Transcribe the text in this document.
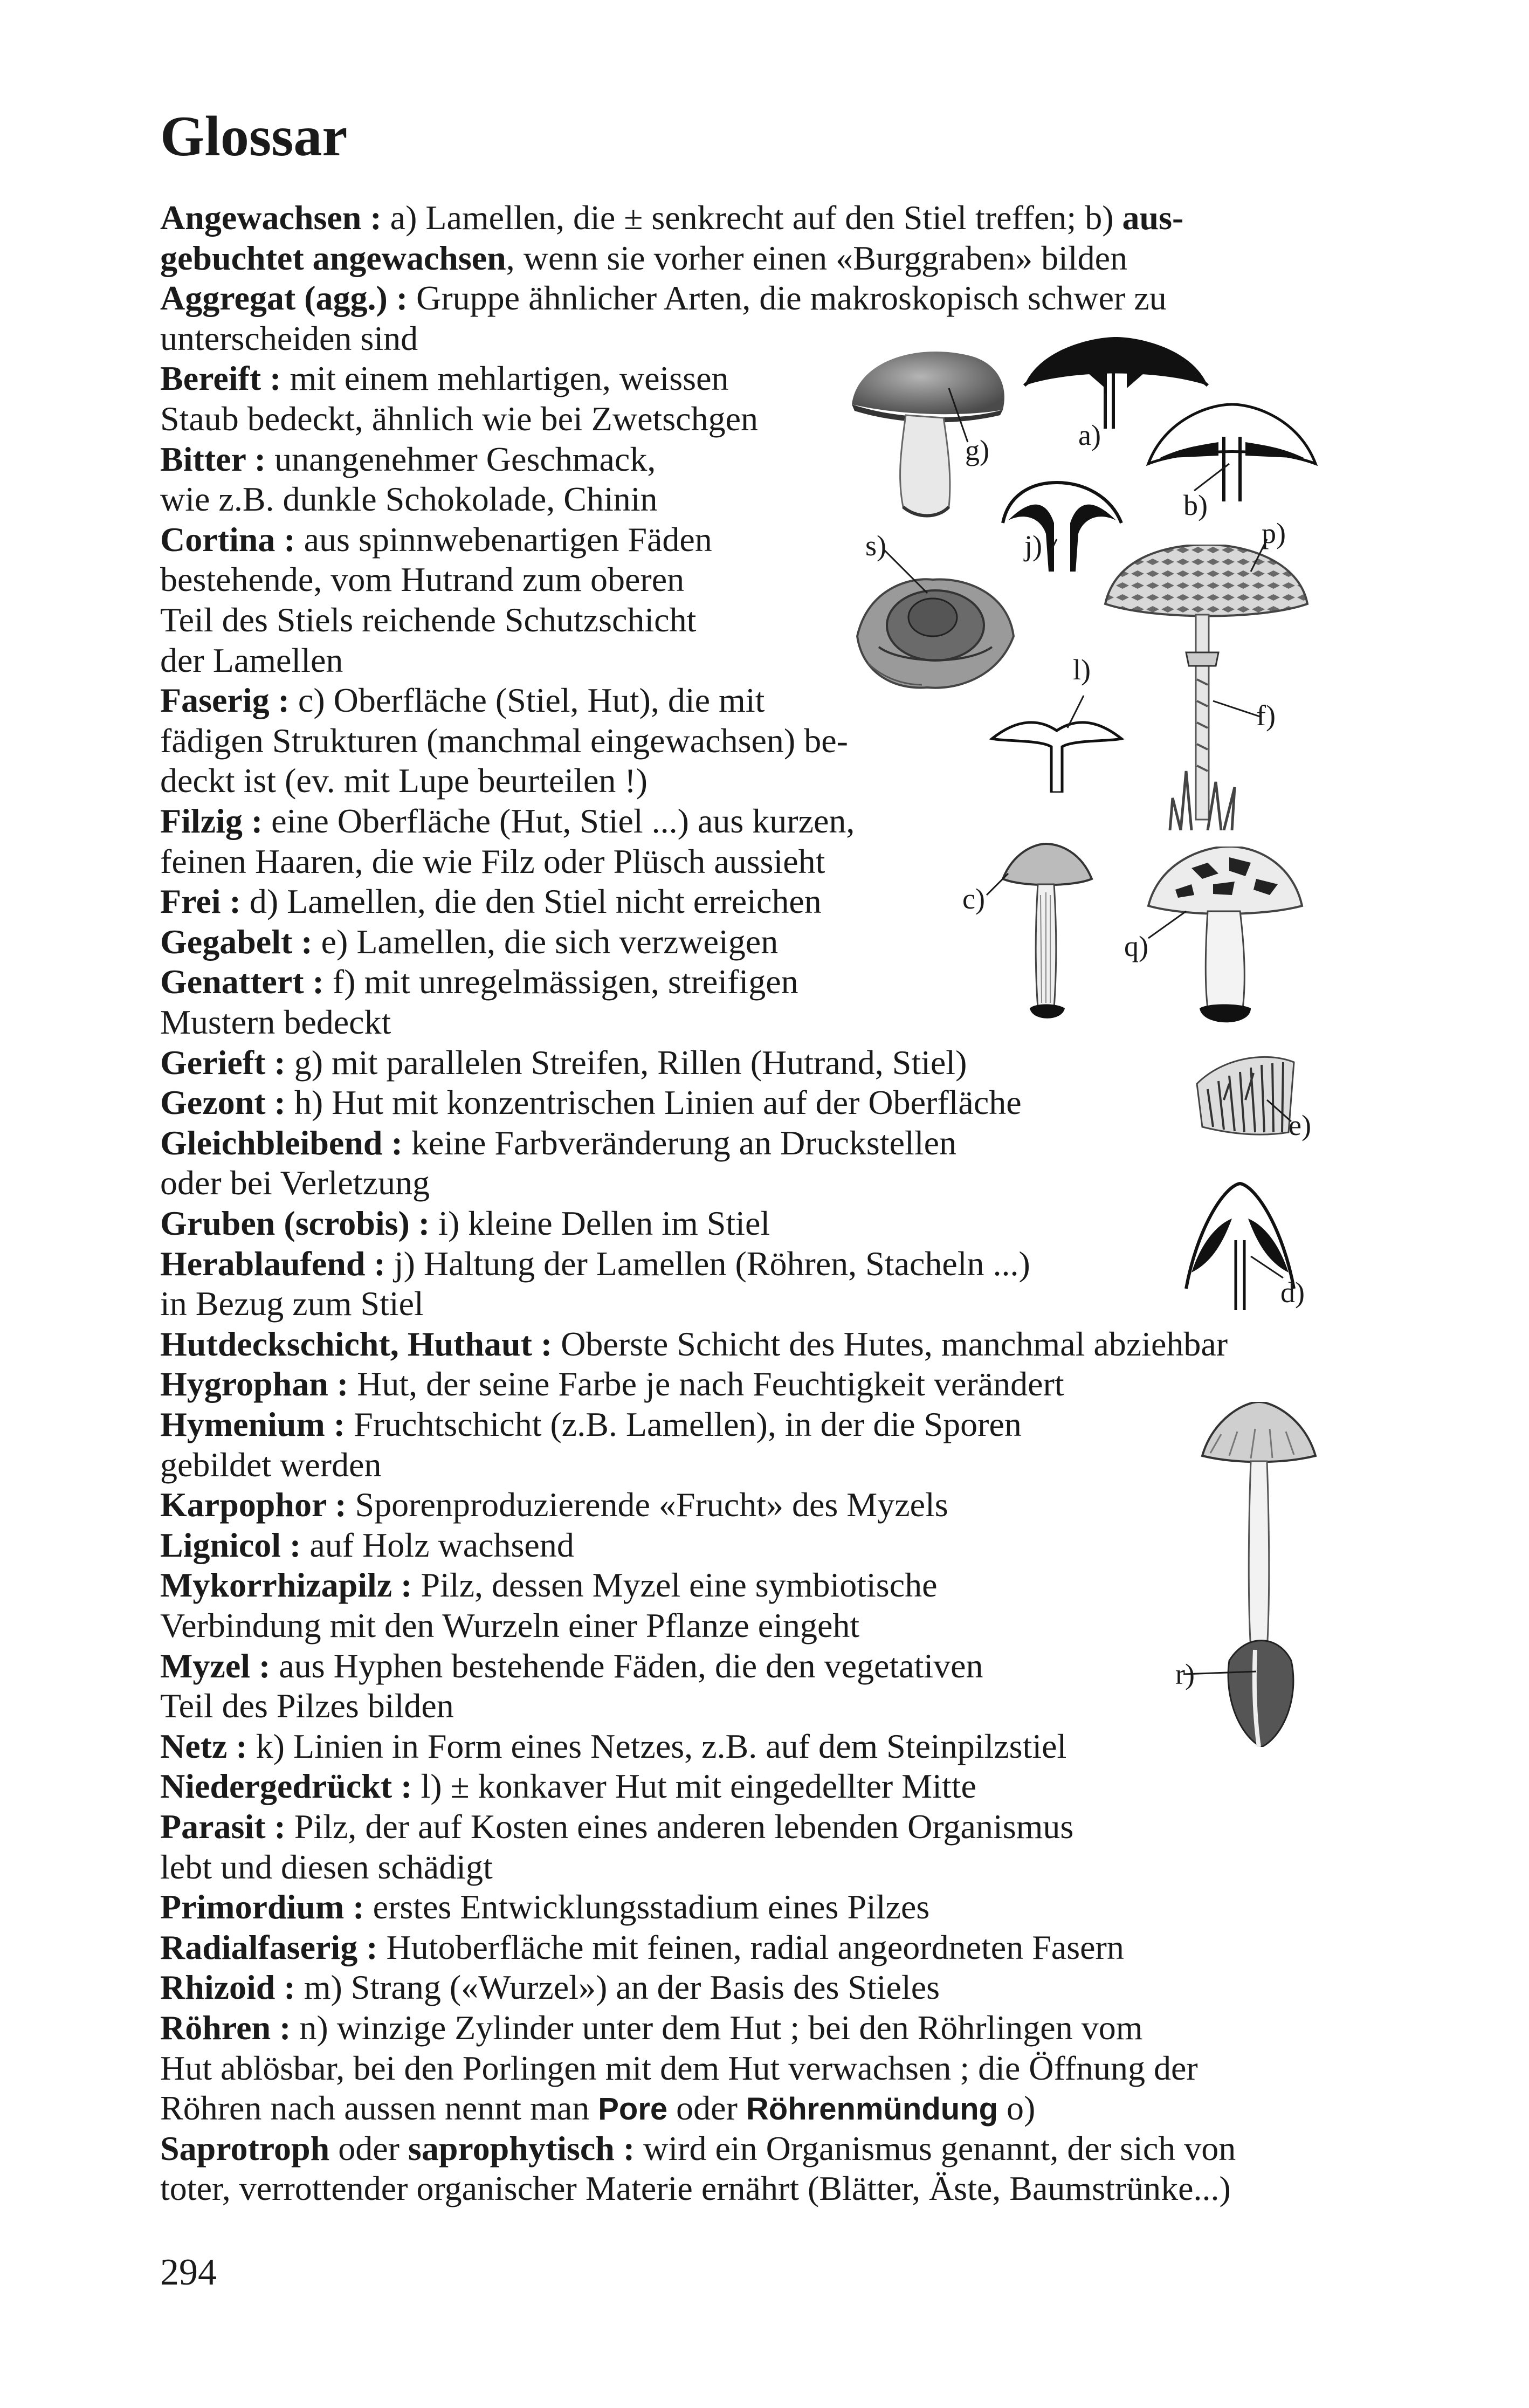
Glossar
Angewachsen : a) Lamellen, die ± senkrecht auf den Stiel treffen; b) aus-
gebuchtet angewachsen, wenn sie vorher einen «Burggraben» bilden
Aggregat (agg.) : Gruppe ähnlicher Arten, die makroskopisch schwer zu
unterscheiden sind
Bereift : mit einem mehlartigen, weissen
Staub bedeckt, ähnlich wie bei Zwetschgen
Bitter : unangenehmer Geschmack,
wie z.B. dunkle Schokolade, Chinin
Cortina : aus spinnwebenartigen Fäden
bestehende, vom Hutrand zum oberen
Teil des Stiels reichende Schutzschicht
der Lamellen
Faserig : c) Oberfläche (Stiel, Hut), die mit
fädigen Strukturen (manchmal eingewachsen) be-
deckt ist (ev. mit Lupe beurteilen !)
Filzig : eine Oberfläche (Hut, Stiel ...) aus kurzen,
feinen Haaren, die wie Filz oder Plüsch aussieht
Frei : d) Lamellen, die den Stiel nicht erreichen
Gegabelt : e) Lamellen, die sich verzweigen
Genattert : f) mit unregelmässigen, streifigen
Mustern bedeckt
Gerieft : g) mit parallelen Streifen, Rillen (Hutrand, Stiel)
Gezont : h) Hut mit konzentrischen Linien auf der Oberfläche
Gleichbleibend : keine Farbveränderung an Druckstellen
oder bei Verletzung
Gruben (scrobis) : i) kleine Dellen im Stiel
Herablaufend : j) Haltung der Lamellen (Röhren, Stacheln ...)
in Bezug zum Stiel
Hutdeckschicht, Huthaut : Oberste Schicht des Hutes, manchmal abziehbar
Hygrophan : Hut, der seine Farbe je nach Feuchtigkeit verändert
Hymenium : Fruchtschicht (z.B. Lamellen), in der die Sporen
gebildet werden
Karpophor : Sporenproduzierende «Frucht» des Myzels
Lignicol : auf Holz wachsend
Mykorrhizapilz : Pilz, dessen Myzel eine symbiotische
Verbindung mit den Wurzeln einer Pflanze eingeht
Myzel : aus Hyphen bestehende Fäden, die den vegetativen
Teil des Pilzes bilden
Netz : k) Linien in Form eines Netzes, z.B. auf dem Steinpilzstiel
Niedergedrückt : l) ± konkaver Hut mit eingedellter Mitte
Parasit : Pilz, der auf Kosten eines anderen lebenden Organismus
lebt und diesen schädigt
Primordium : erstes Entwicklungsstadium eines Pilzes
Radialfaserig : Hutoberfläche mit feinen, radial angeordneten Fasern
Rhizoid : m) Strang («Wurzel») an der Basis des Stieles
Röhren : n) winzige Zylinder unter dem Hut ; bei den Röhrlingen vom
Hut ablösbar, bei den Porlingen mit dem Hut verwachsen ; die Öffnung der
Röhren nach aussen nennt man Pore oder Röhrenmündung o)
Saprotroph oder saprophytisch : wird ein Organismus genannt, der sich von
toter, verrottender organischer Materie ernährt (Blätter, Äste, Baumstrünke...)
a)
b)
g)
j)
s)	p)
l)
f)
c)
q)
e)
d)
r)
294
